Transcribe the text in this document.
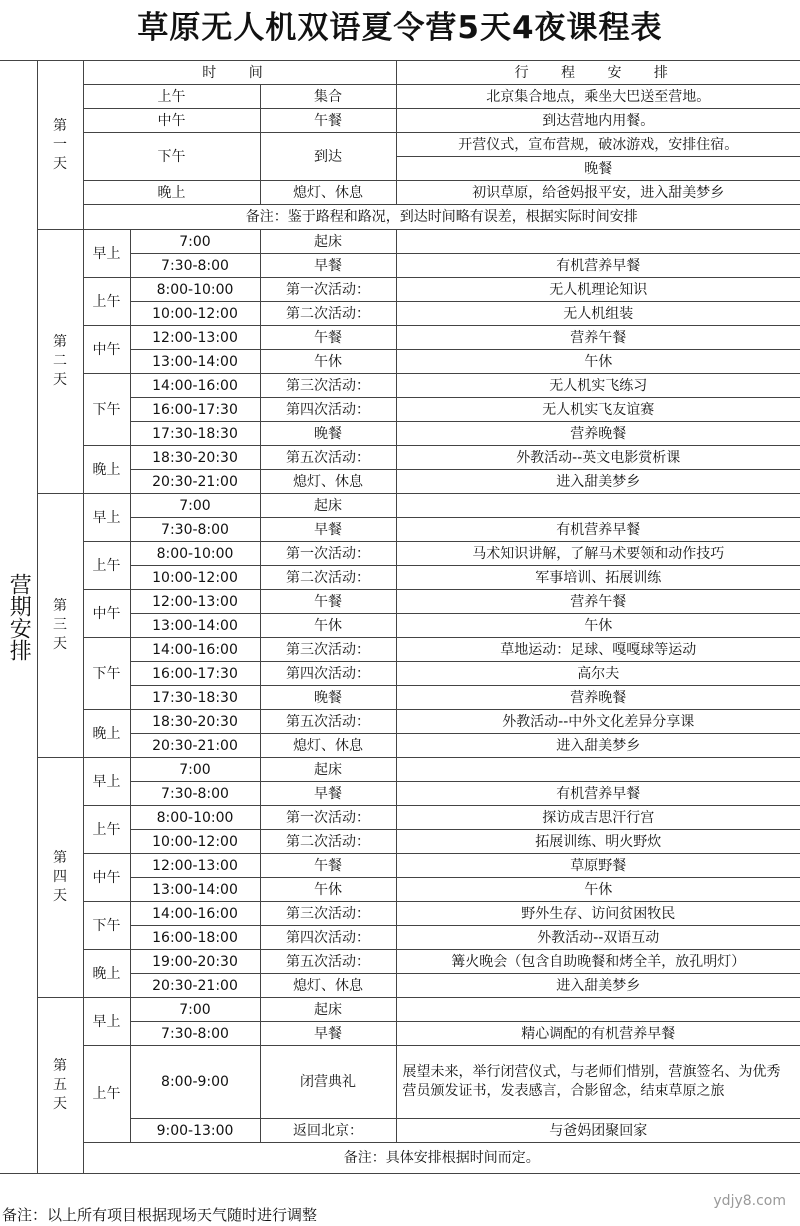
草原无人机双语夏令营5天4夜课程表
营期安排	第一天	时 间			行 程 安 排
		上午		集合	北京集合地点，乘坐大巴送至营地。
		中午		午餐	到达营地内用餐。
		下午		到达	开营仪式，宣布营规，破冰游戏，安排住宿。
					晚餐
		晚上		熄灯、休息	初识草原，给爸妈报平安，进入甜美梦乡
		备注：鉴于路程和路况，到达时间略有误差，根据实际时间安排			

	第二天	早上	7:00	起床	
			7:30-8:00	早餐	有机营养早餐
		上午	8:00-10:00	第一次活动：	无人机理论知识
			10:00-12:00	第二次活动：	无人机组装
		中午	12:00-13:00	午餐	营养午餐
			13:00-14:00	午休	午休
		下午	14:00-16:00	第三次活动：	无人机实飞练习
			16:00-17:30	第四次活动：	无人机实飞友谊赛
			17:30-18:30	晚餐	营养晚餐
		晚上	18:30-20:30	第五次活动：	外教活动--英文电影赏析课
			20:30-21:00	熄灯、休息	进入甜美梦乡

	第三天	早上	7:00	起床	
			7:30-8:00	早餐	有机营养早餐
		上午	8:00-10:00	第一次活动：	马术知识讲解，了解马术要领和动作技巧
			10:00-12:00	第二次活动：	军事培训、拓展训练
		中午	12:00-13:00	午餐	营养午餐
			13:00-14:00	午休	午休
		下午	14:00-16:00	第三次活动：	草地运动：足球、嘎嘎球等运动
			16:00-17:30	第四次活动：	高尔夫
			17:30-18:30	晚餐	营养晚餐
		晚上	18:30-20:30	第五次活动：	外教活动--中外文化差异分享课
			20:30-21:00	熄灯、休息	进入甜美梦乡

	第四天	早上	7:00	起床	
			7:30-8:00	早餐	有机营养早餐
		上午	8:00-10:00	第一次活动：	探访成吉思汗行宫
			10:00-12:00	第二次活动：	拓展训练、明火野炊
		中午	12:00-13:00	午餐	草原野餐
			13:00-14:00	午休	午休
		下午	14:00-16:00	第三次活动：	野外生存、访问贫困牧民
			16:00-18:00	第四次活动：	外教活动--双语互动
		晚上	19:00-20:30	第五次活动：	篝火晚会（包含自助晚餐和烤全羊，放孔明灯）
			20:30-21:00	熄灯、休息	进入甜美梦乡

	第五天	早上	7:00	起床	
			7:30-8:00	早餐	精心调配的有机营养早餐
		上午	8:00-9:00	闭营典礼	展望未来，举行闭营仪式，与老师们惜别，营旗签名、为优秀营员颁发证书，发表感言，合影留念，结束草原之旅
			9:00-13:00	返回北京：	与爸妈团聚回家
		备注：具体安排根据时间而定。			
ydjy8.com
备注：以上所有项目根据现场天气随时进行调整
